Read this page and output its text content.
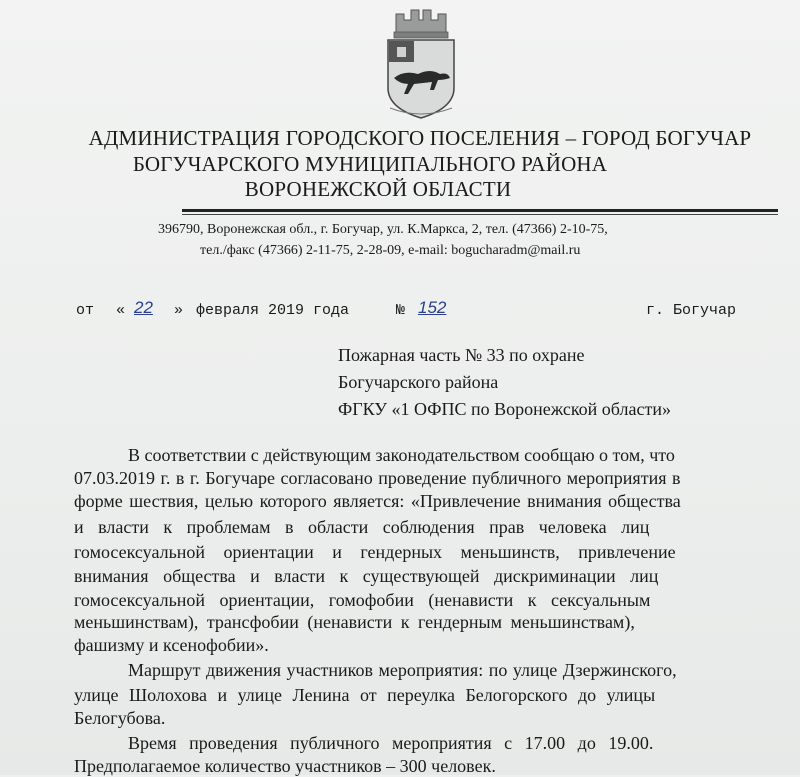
АДМИНИСТРАЦИЯ ГОРОДСКОГО ПОСЕЛЕНИЯ – ГОРОД БОГУЧАР
БОГУЧАРСКОГО МУНИЦИПАЛЬНОГО РАЙОНА
ВОРОНЕЖСКОЙ ОБЛАСТИ
396790, Воронежская обл., г. Богучар, ул. К.Маркса, 2, тел. (47366) 2-10-75,
тел./факс (47366) 2-11-75, 2-28-09, e-mail: bogucharadm@mail.ru
от « 22 » февраля 2019 года	№ 152	г. Богучар
Пожарная часть № 33 по охране
Богучарского района
ФГКУ «1 ОФПС по Воронежской области»
В соответствии с действующим законодательством сообщаю о том, что
07.03.2019 г. в г. Богучаре согласовано проведение публичного мероприятия в
форме шествия, целью которого является: «Привлечение внимания общества
и власти к проблемам в области соблюдения прав человека лиц
гомосексуальной ориентации и гендерных меньшинств, привлечение
внимания общества и власти к существующей дискриминации лиц
гомосексуальной ориентации, гомофобии (ненависти к сексуальным
меньшинствам), трансфобии (ненависти к гендерным меньшинствам),
фашизму и ксенофобии».
Маршрут движения участников мероприятия: по улице Дзержинского,
улице Шолохова и улице Ленина от переулка Белогорского до улицы
Белогубова.
Время проведения публичного мероприятия с 17.00 до 19.00.
Предполагаемое количество участников – 300 человек.
